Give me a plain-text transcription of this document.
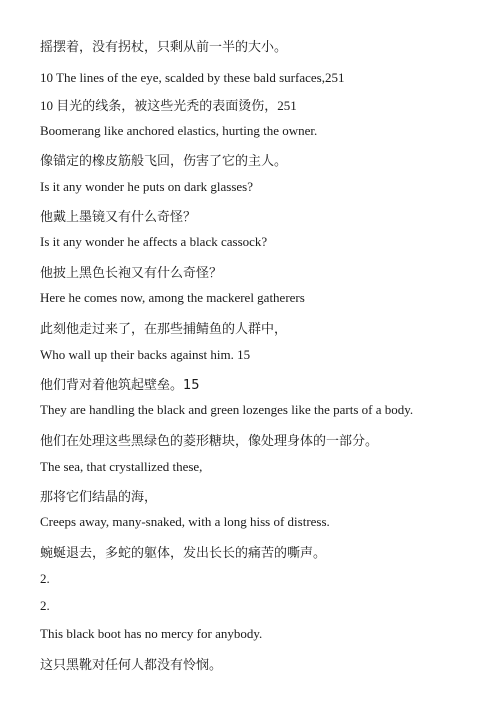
摇摆着，没有拐杖，只剩从前一半的大小。
10 The lines of the eye, scalded by these bald surfaces,251
10 目光的线条，被这些光秃的表面烫伤，251
Boomerang like anchored elastics, hurting the owner.
像锚定的橡皮筋般飞回，伤害了它的主人。
Is it any wonder he puts on dark glasses?
他戴上墨镜又有什么奇怪？
Is it any wonder he affects a black cassock?
他披上黑色长袍又有什么奇怪？
Here he comes now, among the mackerel gatherers
此刻他走过来了，在那些捕鲭鱼的人群中，
Who wall up their backs against him. 15
他们背对着他筑起壁垒。15
They are handling the black and green lozenges like the parts of a body.
他们在处理这些黑绿色的菱形糖块，像处理身体的一部分。
The sea, that crystallized these,
那将它们结晶的海，
Creeps away, many-snaked, with a long hiss of distress.
蜿蜒退去，多蛇的躯体，发出长长的痛苦的嘶声。
2.
2.
This black boot has no mercy for anybody.
这只黑靴对任何人都没有怜悯。
